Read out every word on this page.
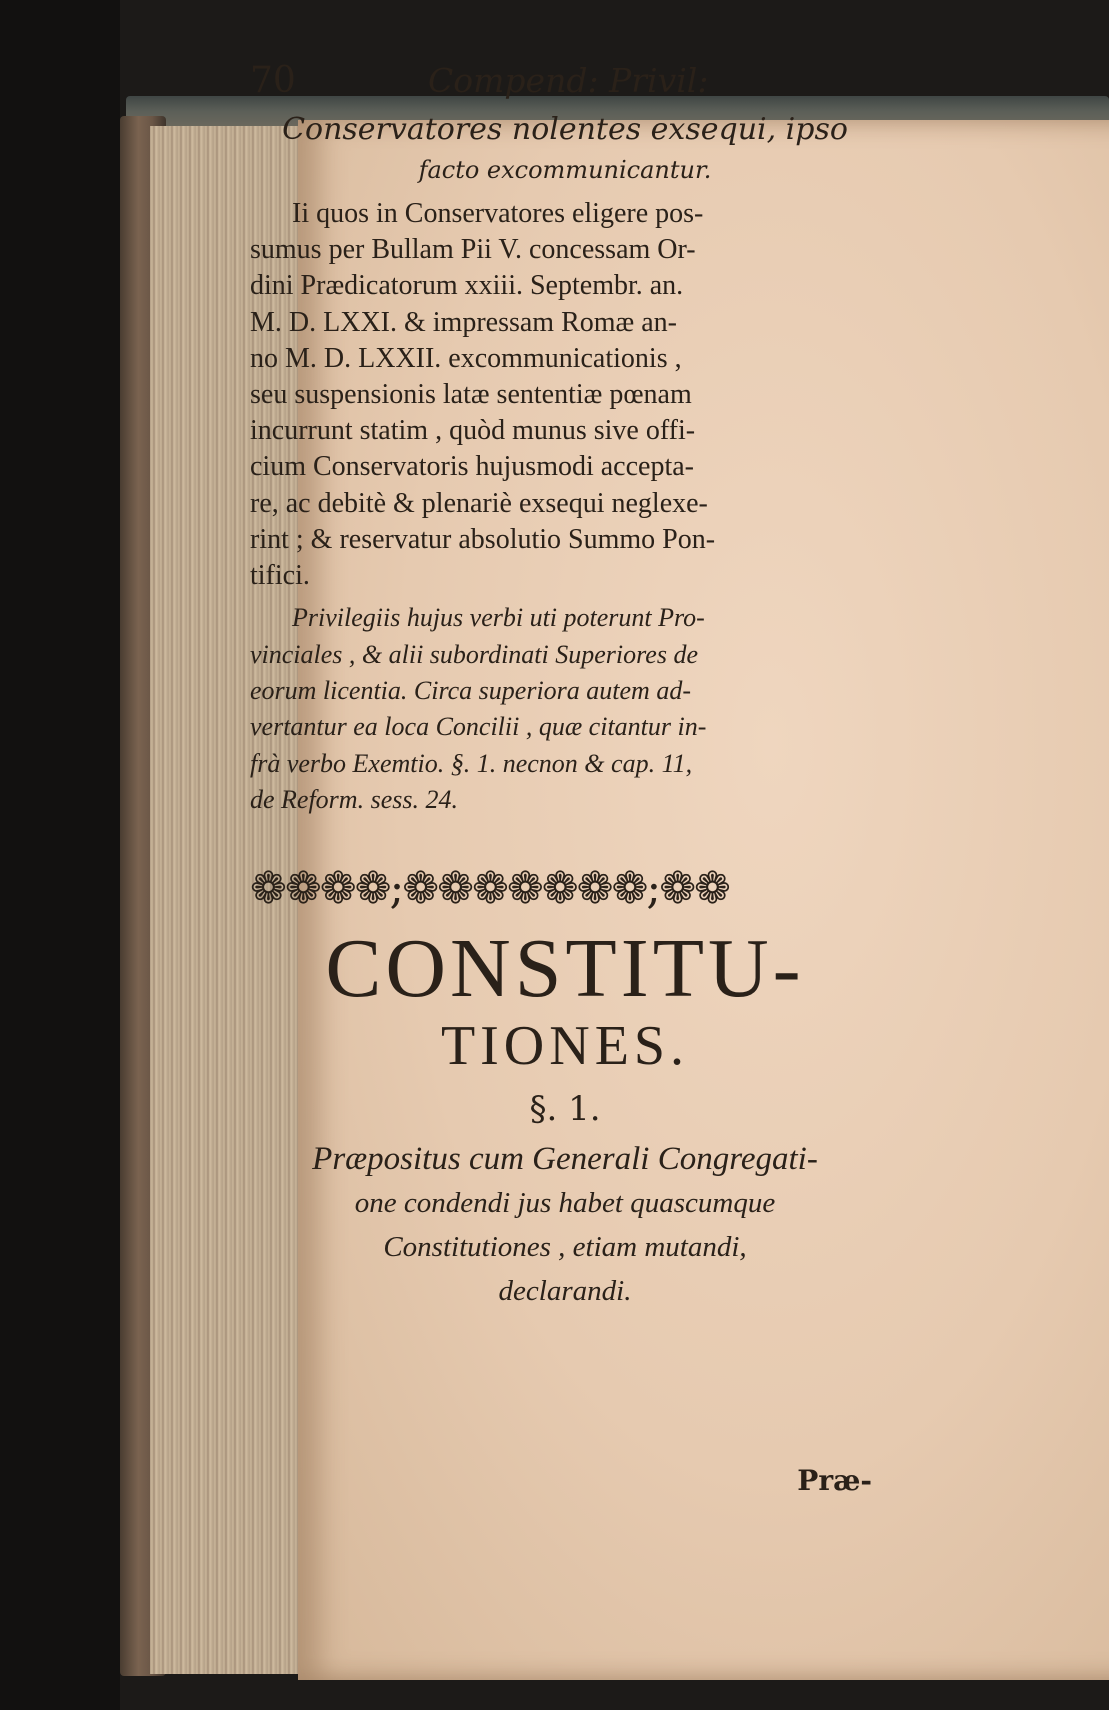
70	Compend: Privil:
Conservatores nolentes exsequi, ipso
facto excommunicantur.
Ii quos in Conservatores eligere pos-
sumus per Bullam Pii V. concessam Or-
dini Prædicatorum xxiii. Septembr. an.
M. D. LXXI. & impressam Romæ an-
no M. D. LXXII. excommunicationis ,
seu suspensionis latæ sententiæ pœnam
incurrunt statim , quòd munus sive offi-
cium Conservatoris hujusmodi accepta-
re, ac debitè & plenariè exsequi neglexe-
rint ; & reservatur absolutio Summo Pon-
tifici.
Privilegiis hujus verbi uti poterunt Pro-
vinciales , & alii subordinati Superiores de
eorum licentia. Circa superiora autem ad-
vertantur ea loca Concilii , quæ citantur in-
frà verbo Exemtio. §. 1. necnon & cap. 11,
de Reform. sess. 24.
❁❁❁❁;❁❁❁❁❁❁❁;❁❁
CONSTITU-
TIONES.
§. 1.
Præpositus cum Generali Congregati-
one condendi jus habet quascumque
Constitutiones , etiam mutandi,
declarandi.
Præ-
